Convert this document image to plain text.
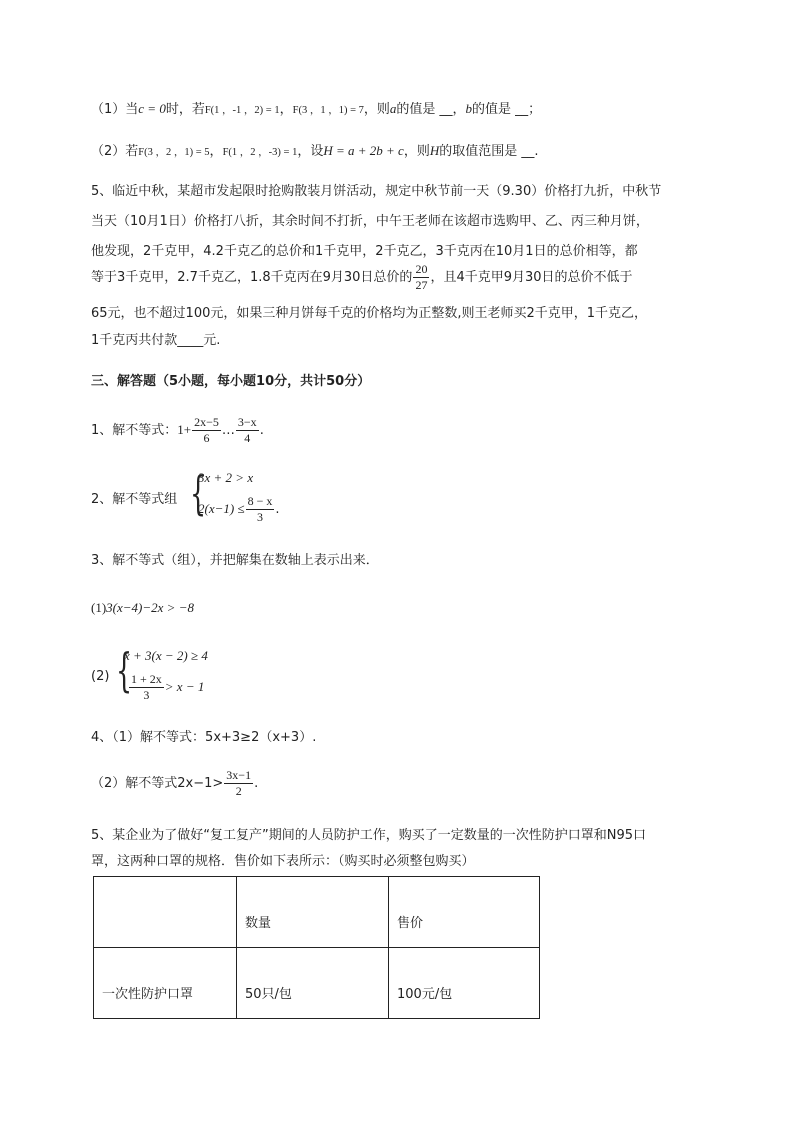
（1）当c = 0时，若F(1 ，-1 ，2) = 1，F(3 ，1 ，1) = 7，则a的值是 __，b的值是 __；
（2）若F(3 ，2 ，1) = 5，F(1 ，2 ，-3) = 1，设H = a + 2b + c，则H的取值范围是 __.
5、临近中秋，某超市发起限时抢购散装月饼活动，规定中秋节前一天（9.30）价格打九折，中秋节
当天（10月1日）价格打八折，其余时间不打折，中午王老师在该超市选购甲、乙、丙三种月饼，
他发现，2千克甲，4.2千克乙的总价和1千克甲，2千克乙，3千克丙在10月1日的总价相等，都
等于3千克甲，2.7千克乙，1.8千克丙在9月30日总价的 $\frac{20}{27}$ ，且4千克甲9月30日的总价不低于
65元，也不超过100元，如果三种月饼每千克的价格均为正整数,则王老师买2千克甲，1千克乙，
1千克丙共付款____元.
三、解答题（5小题，每小题10分，共计50分）
1、解不等式：$1+ \frac{2x-5}{6}$ … $\frac{3-x}{4}$ .
2、解不等式组 {
3x + 2 > x
$2(x-1) \le \frac{8 - x}{3}$ .
3、解不等式（组），并把解集在数轴上表示出来．
(1)3(x−4)−2x > −8
(2) {
x + 3(x − 2) ≥ 4
$\frac{1 + 2x}{3} > x - 1$
4、（1）解不等式：5x+3≥2（x+3）.
（2）解不等式$2x-1> \frac{3x-1}{2}$ .
5、某企业为了做好“复工复产”期间的人员防护工作，购买了一定数量的一次性防护口罩和N95口
罩，这两种口罩的规格．售价如下表所示：（购买时必须整包购买）
	数量	售价
一次性防护口罩	50只/包	100元/包
